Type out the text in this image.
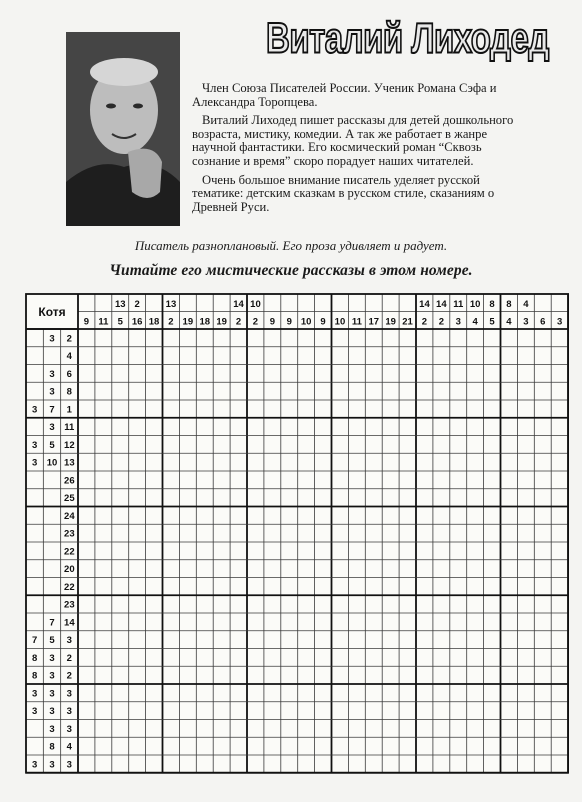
Виталий Лиходед

Член Союза Писателей России. Ученик Романа Сэфа и Александра Торопцева.

Виталий Лиходед пишет рассказы для детей дошкольного возраста, мистику, комедии. А так же работает в жанре научной фантастики. Его космический роман “Сквозь сознание и время” скоро порадует наших читателей.

Очень большое внимание писатель уделяет русской тематике: детским сказкам в русском стиле, сказаниям о Древней Руси.

Писатель разноплановый. Его проза удивляет и радует.
Читайте его мистические рассказы в этом номере.
Котя
9 11
13
5
2
16 18
13
2 19 18 19
14
2
10
2 9 9 10 9 10 11 17 19 21
14
2
14
2
11
3
10
4
8
5
8
4
4
3 6 3
3 2
4
3 6
3 8
3 7 1
3 11
3 5 12
3 10 13
26
25
24
23
22
20
22
23
7 14
7 5 3
8 3 2
8 3 2
3 3 3
3 3 3
3 3
8 4
3 3 3
